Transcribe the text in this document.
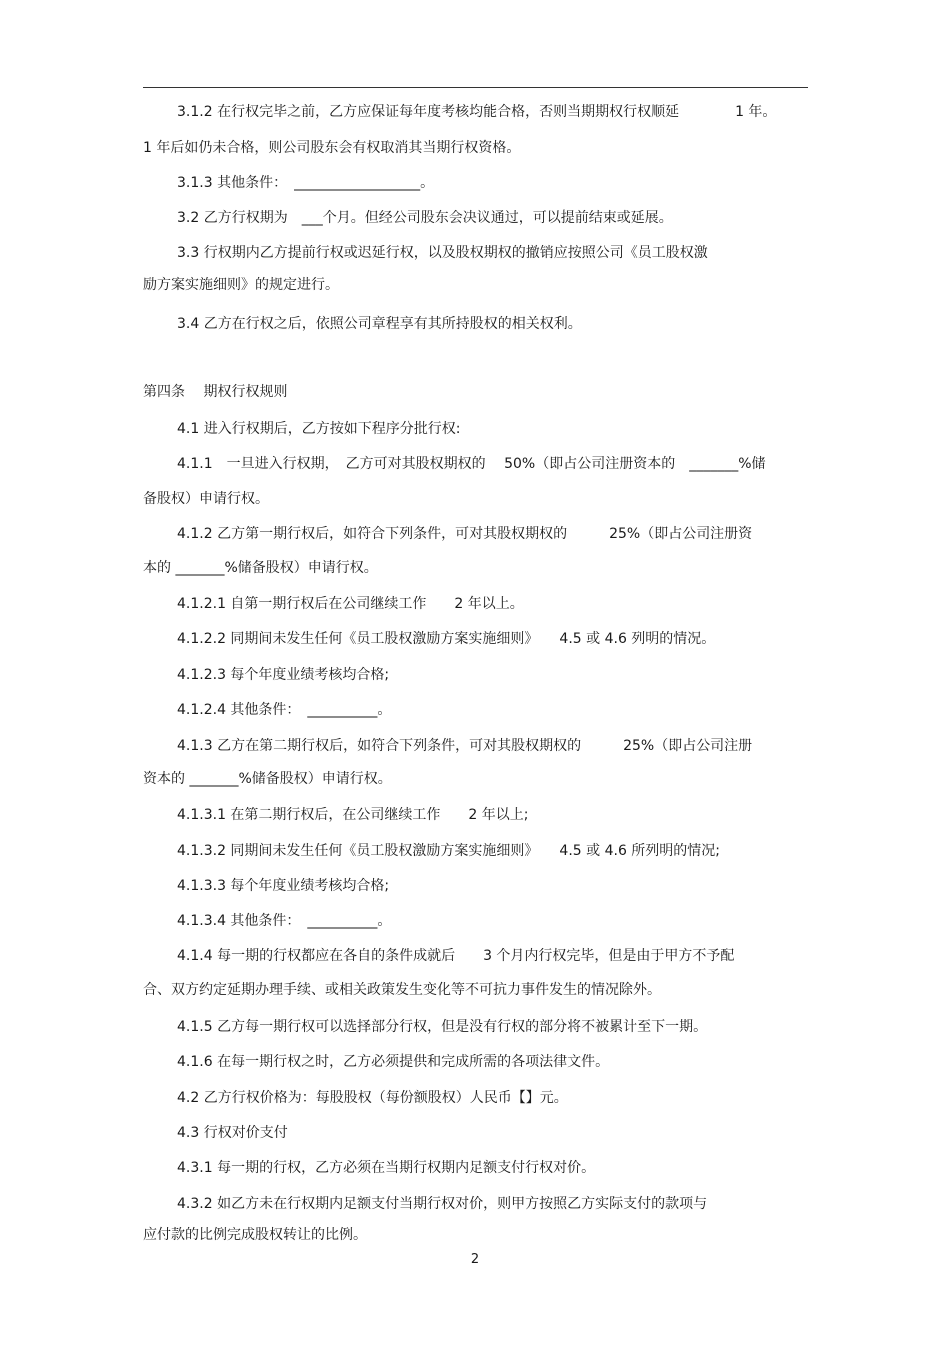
3.1.2 在行权完毕之前，乙方应保证每年度考核均能合格，否则当期期权行权顺延　　　　1 年。
1 年后如仍未合格，则公司股东会有权取消其当期行权资格。
3.1.3 其他条件：　__________________。
3.2 乙方行权期为　___个月。但经公司股东会决议通过，可以提前结束或延展。
3.3 行权期内乙方提前行权或迟延行权，以及股权期权的撤销应按照公司《员工股权激
励方案实施细则》的规定进行。
3.4 乙方在行权之后，依照公司章程享有其所持股权的相关权利。
第四条　 期权行权规则
4.1 进入行权期后，乙方按如下程序分批行权:
4.1.1　一旦进入行权期，　乙方可对其股权期权的　 50%（即占公司注册资本的　_______%储
备股权）申请行权。
4.1.2 乙方第一期行权后，如符合下列条件，可对其股权期权的　　　25%（即占公司注册资
本的 _______%储备股权）申请行权。
4.1.2.1 自第一期行权后在公司继续工作　　2 年以上。
4.1.2.2 同期间未发生任何《员工股权激励方案实施细则》　　4.5 或 4.6 列明的情况。
4.1.2.3 每个年度业绩考核均合格;
4.1.2.4 其他条件：　__________。
4.1.3 乙方在第二期行权后，如符合下列条件，可对其股权期权的　　　25%（即占公司注册
资本的 _______%储备股权）申请行权。
4.1.3.1 在第二期行权后，在公司继续工作　　2 年以上;
4.1.3.2 同期间未发生任何《员工股权激励方案实施细则》　　4.5 或 4.6 所列明的情况;
4.1.3.3 每个年度业绩考核均合格;
4.1.3.4 其他条件：　__________。
4.1.4 每一期的行权都应在各自的条件成就后　　3 个月内行权完毕，但是由于甲方不予配
合、双方约定延期办理手续、或相关政策发生变化等不可抗力事件发生的情况除外。
4.1.5 乙方每一期行权可以选择部分行权，但是没有行权的部分将不被累计至下一期。
4.1.6 在每一期行权之时，乙方必须提供和完成所需的各项法律文件。
4.2 乙方行权价格为：每股股权（每份额股权）人民币【】元。
4.3 行权对价支付
4.3.1 每一期的行权，乙方必须在当期行权期内足额支付行权对价。
4.3.2 如乙方未在行权期内足额支付当期行权对价，则甲方按照乙方实际支付的款项与
应付款的比例完成股权转让的比例。
2
